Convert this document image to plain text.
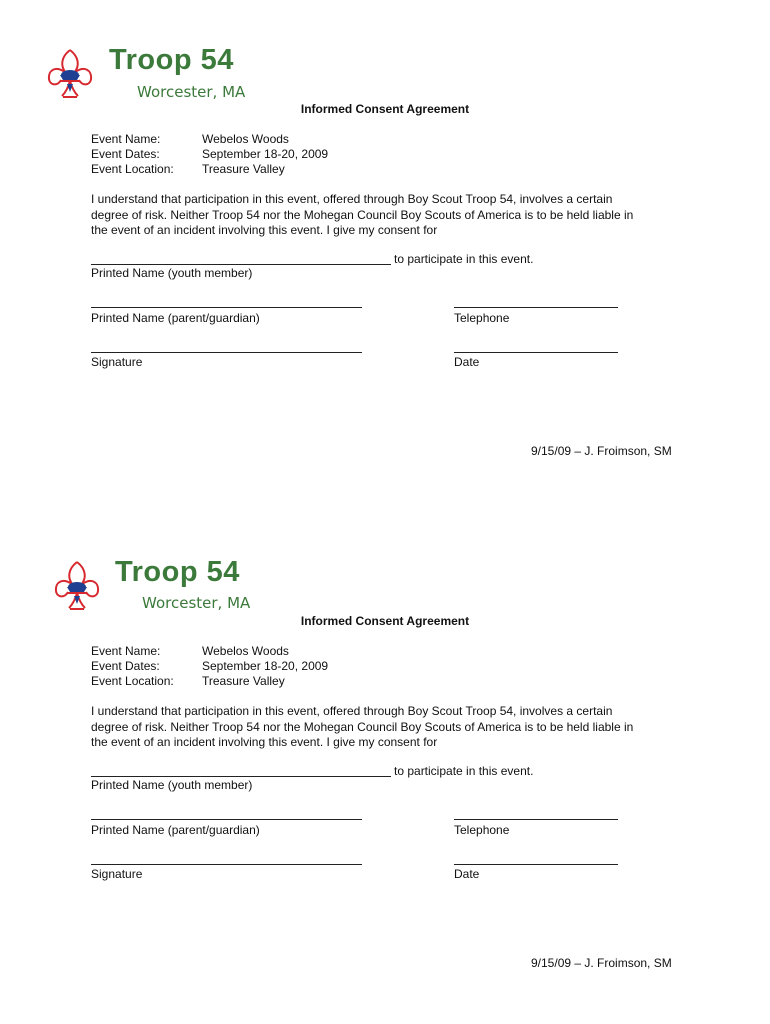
Troop 54
Worcester, MA
Informed Consent Agreement
Event Name:	Webelos Woods
Event Dates:	September 18-20, 2009
Event Location: Treasure Valley
I understand that participation in this event, offered through Boy Scout Troop 54, involves a certain
degree of risk. Neither Troop 54 nor the Mohegan Council Boy Scouts of America is to be held liable in
the event of an incident involving this event. I give my consent for
to participate in this event.
Printed Name (youth member)
Printed Name (parent/guardian)	Telephone
Signature	Date
9/15/09 – J. Froimson, SM
Troop 54
Worcester, MA
Informed Consent Agreement
Event Name:	Webelos Woods
Event Dates:	September 18-20, 2009
Event Location: Treasure Valley
I understand that participation in this event, offered through Boy Scout Troop 54, involves a certain
degree of risk. Neither Troop 54 nor the Mohegan Council Boy Scouts of America is to be held liable in
the event of an incident involving this event. I give my consent for
to participate in this event.
Printed Name (youth member)
Printed Name (parent/guardian)	Telephone
Signature	Date
9/15/09 – J. Froimson, SM
